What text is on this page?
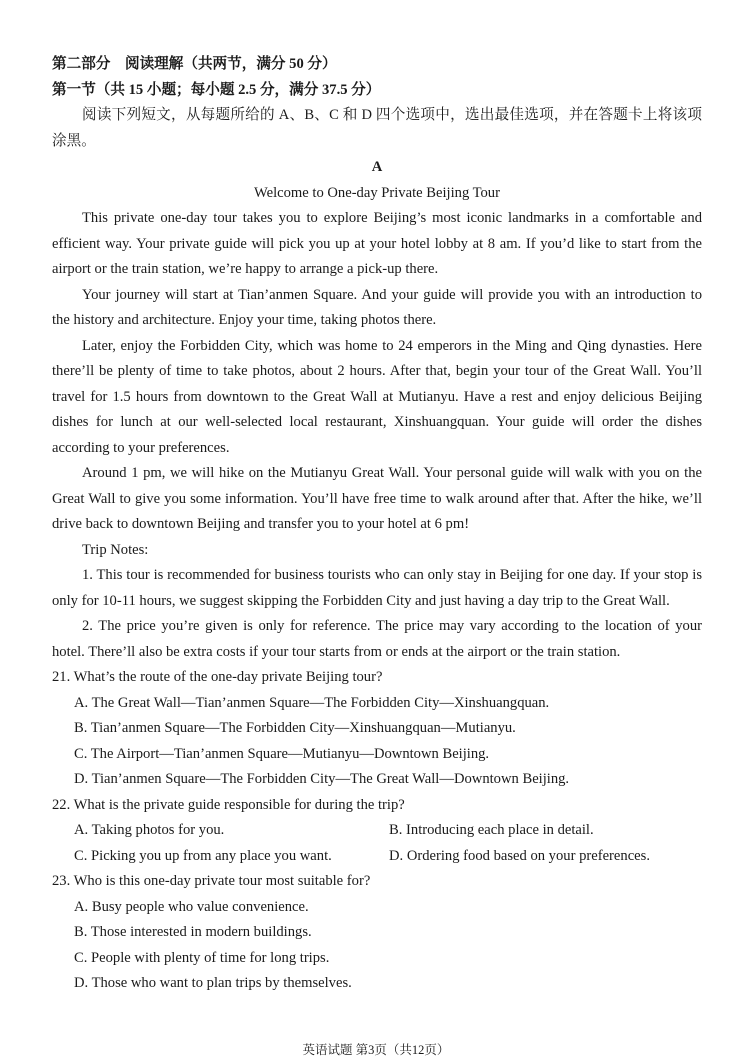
第二部分　阅读理解（共两节，满分 50 分）
第一节（共 15 小题；每小题 2.5 分，满分 37.5 分）

阅读下列短文，从每题所给的 A、B、C 和 D 四个选项中，选出最佳选项，并在答题卡上将该项涂黑。

A

Welcome to One-day Private Beijing Tour

This private one-day tour takes you to explore Beijing’s most iconic landmarks in a comfortable and efficient way. Your private guide will pick you up at your hotel lobby at 8 am. If you’d like to start from the airport or the train station, we’re happy to arrange a pick-up there.

Your journey will start at Tian’anmen Square. And your guide will provide you with an introduction to the history and architecture. Enjoy your time, taking photos there.

Later, enjoy the Forbidden City, which was home to 24 emperors in the Ming and Qing dynasties. Here there’ll be plenty of time to take photos, about 2 hours. After that, begin your tour of the Great Wall. You’ll travel for 1.5 hours from downtown to the Great Wall at Mutianyu. Have a rest and enjoy delicious Beijing dishes for lunch at our well-selected local restaurant, Xinshuangquan. Your guide will order the dishes according to your preferences.

Around 1 pm, we will hike on the Mutianyu Great Wall. Your personal guide will walk with you on the Great Wall to give you some information. You’ll have free time to walk around after that. After the hike, we’ll drive back to downtown Beijing and transfer you to your hotel at 6 pm!

Trip Notes:

1. This tour is recommended for business tourists who can only stay in Beijing for one day. If your stop is only for 10-11 hours, we suggest skipping the Forbidden City and just having a day trip to the Great Wall.

2. The price you’re given is only for reference. The price may vary according to the location of your hotel. There’ll also be extra costs if your tour starts from or ends at the airport or the train station.

21. What’s the route of the one-day private Beijing tour?
A. The Great Wall—Tian’anmen Square—The Forbidden City—Xinshuangquan.
B. Tian’anmen Square—The Forbidden City—Xinshuangquan—Mutianyu.
C. The Airport—Tian’anmen Square—Mutianyu—Downtown Beijing.
D. Tian’anmen Square—The Forbidden City—The Great Wall—Downtown Beijing.
22. What is the private guide responsible for during the trip?
A. Taking photos for you.	B. Introducing each place in detail.
C. Picking you up from any place you want.	D. Ordering food based on your preferences.
23. Who is this one-day private tour most suitable for?
A. Busy people who value convenience.
B. Those interested in modern buildings.
C. People with plenty of time for long trips.
D. Those who want to plan trips by themselves.
英语试题 第3页（共12页）
